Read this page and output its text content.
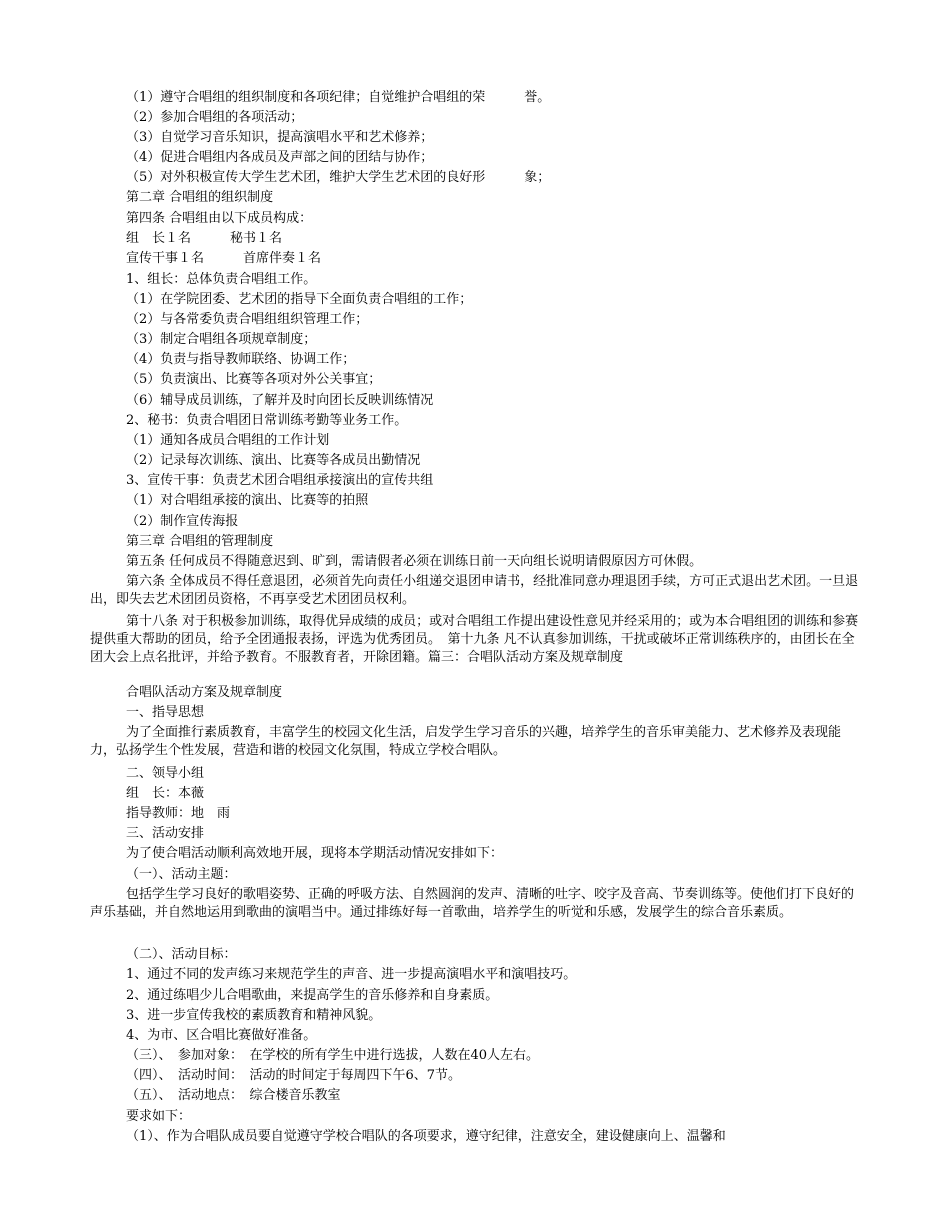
（1）遵守合唱组的组织制度和各项纪律；自觉维护合唱组的荣　　　誉。
（2）参加合唱组的各项活动；
（3）自觉学习音乐知识，提高演唱水平和艺术修养；
（4）促进合唱组内各成员及声部之间的团结与协作；
（5）对外积极宣传大学生艺术团，维护大学生艺术团的良好形　　　象；
第二章 合唱组的组织制度
第四条 合唱组由以下成员构成：
组　长１名　　　秘书１名
宣传干事１名　　　首席伴奏１名
1、组长：总体负责合唱组工作。
（1）在学院团委、艺术团的指导下全面负责合唱组的工作；
（2）与各常委负责合唱组组织管理工作；
（3）制定合唱组各项规章制度；
（4）负责与指导教师联络、协调工作；
（5）负责演出、比赛等各项对外公关事宜；
（6）辅导成员训练，了解并及时向团长反映训练情况
2、秘书：负责合唱团日常训练考勤等业务工作。
（1）通知各成员合唱组的工作计划
（2）记录每次训练、演出、比赛等各成员出勤情况
3、宣传干事：负责艺术团合唱组承接演出的宣传共组
（1）对合唱组承接的演出、比赛等的拍照
（2）制作宣传海报
第三章 合唱组的管理制度
第五条 任何成员不得随意迟到、旷到，需请假者必须在训练日前一天向组长说明请假原因方可休假。
第六条 全体成员不得任意退团，必须首先向责任小组递交退团申请书，经批准同意办理退团手续，方可正式退出艺术团。一旦退出，即失去艺术团团员资格，不再享受艺术团团员权利。
第十八条 对于积极参加训练，取得优异成绩的成员；或对合唱组工作提出建设性意见并经采用的；或为本合唱组团的训练和参赛提供重大帮助的团员，给予全团通报表扬，评选为优秀团员。　第十九条 凡不认真参加训练，干扰或破坏正常训练秩序的，由团长在全团大会上点名批评，并给予教育。不服教育者，开除团籍。篇三：合唱队活动方案及规章制度
合唱队活动方案及规章制度
一、指导思想
为了全面推行素质教育，丰富学生的校园文化生活，启发学生学习音乐的兴趣，培养学生的音乐审美能力、艺术修养及表现能力，弘扬学生个性发展，营造和谐的校园文化氛围，特成立学校合唱队。
二、领导小组
组　长：本薇
指导教师：地　雨
三、活动安排
为了使合唱活动顺利高效地开展，现将本学期活动情况安排如下：
（一）、活动主题：
包括学生学习良好的歌唱姿势、正确的呼吸方法、自然圆润的发声、清晰的吐字、咬字及音高、节奏训练等。使他们打下良好的声乐基础，并自然地运用到歌曲的演唱当中。通过排练好每一首歌曲，培养学生的听觉和乐感，发展学生的综合音乐素质。
（二）、活动目标：
1、通过不同的发声练习来规范学生的声音、进一步提高演唱水平和演唱技巧。
2、通过练唱少儿合唱歌曲，来提高学生的音乐修养和自身素质。
3、进一步宣传我校的素质教育和精神风貌。
4、为市、区合唱比赛做好准备。
（三）、　参加对象：　在学校的所有学生中进行选拔，人数在40人左右。
（四）、　活动时间：　活动的时间定于每周四下午6、7节。
（五）、　活动地点：　综合楼音乐教室
要求如下：
（1）、作为合唱队成员要自觉遵守学校合唱队的各项要求，遵守纪律，注意安全，建设健康向上、温馨和
